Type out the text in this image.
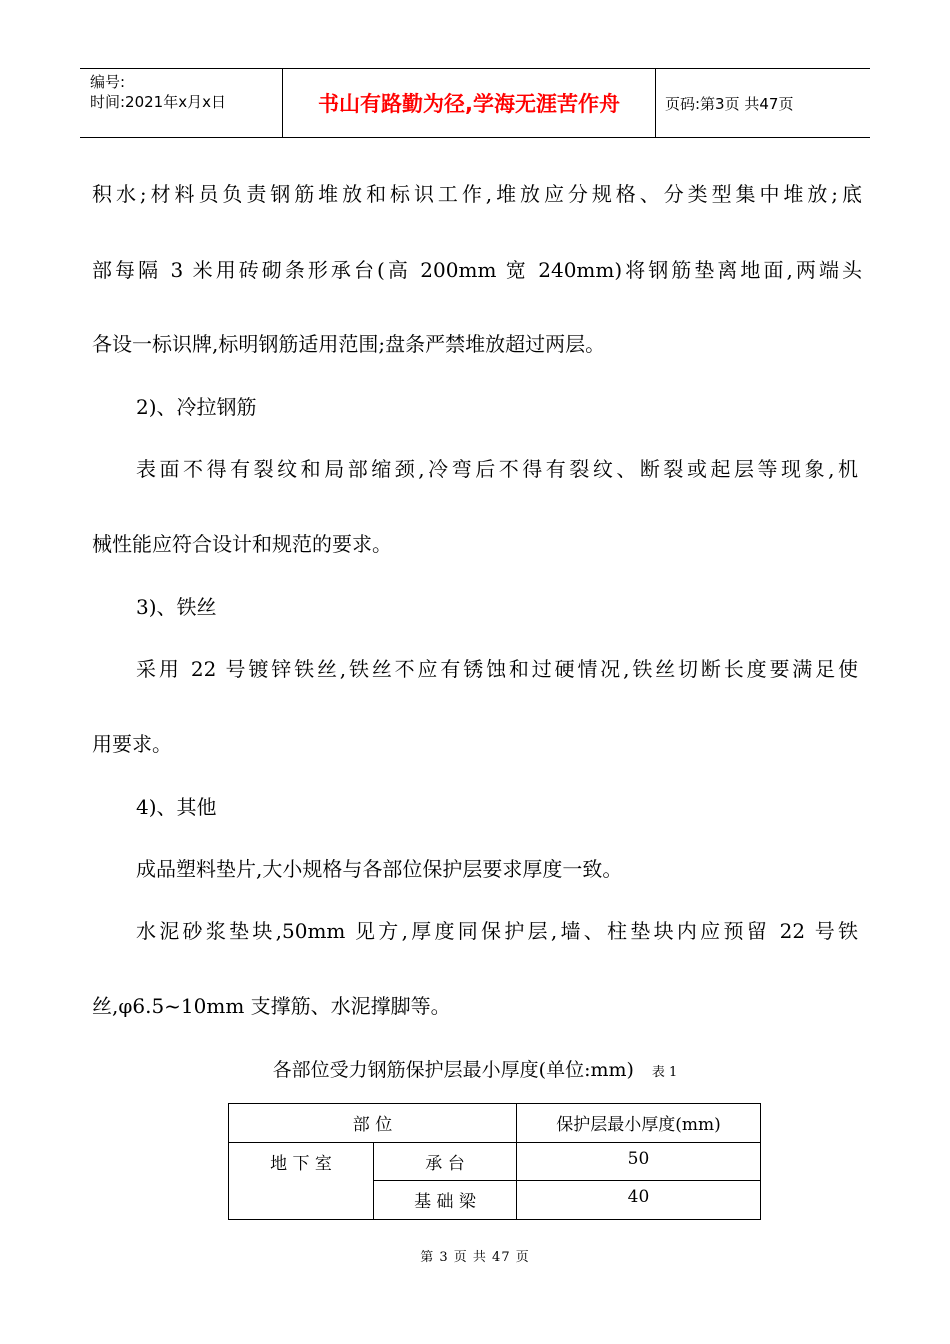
编号:
时间:2021年x月x日	书山有路勤为径,学海无涯苦作舟	页码:第3页 共47页
积水;材料员负责钢筋堆放和标识工作,堆放应分规格、分类型集中堆放;底
部每隔 3 米用砖砌条形承台(高 200mm 宽 240mm)将钢筋垫离地面,两端头
各设一标识牌,标明钢筋适用范围;盘条严禁堆放超过两层。
2)、冷拉钢筋
表面不得有裂纹和局部缩颈,冷弯后不得有裂纹、断裂或起层等现象,机
械性能应符合设计和规范的要求。
3)、铁丝
采用 22 号镀锌铁丝,铁丝不应有锈蚀和过硬情况,铁丝切断长度要满足使
用要求。
4)、其他
成品塑料垫片,大小规格与各部位保护层要求厚度一致。
水泥砂浆垫块,50mm 见方,厚度同保护层,墙、柱垫块内应预留 22 号铁
丝,φ6.5~10mm 支撑筋、水泥撑脚等。
各部位受力钢筋保护层最小厚度(单位:mm) 表 1
部 位	保护层最小厚度(mm)
地 下 室	承 台	50
基 础 梁	40
第 3 页 共 47 页
